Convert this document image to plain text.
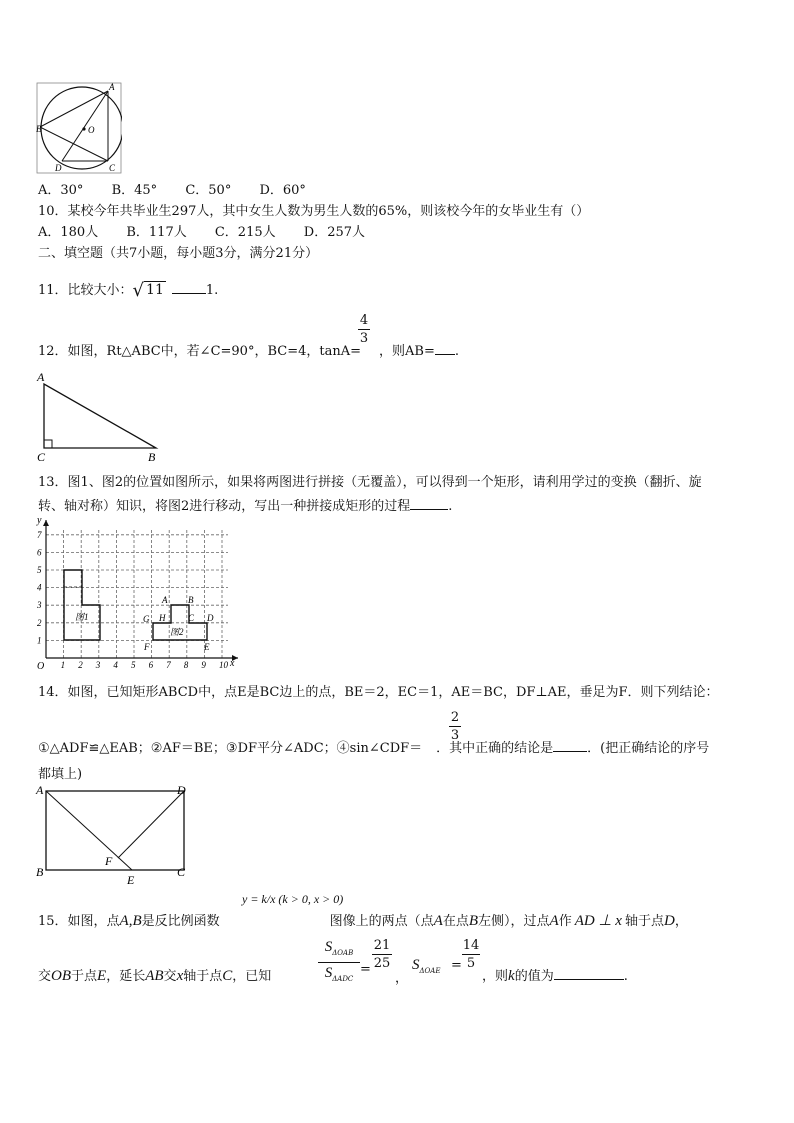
A
B	O
D	C
A．30° B．45° C．50° D．60°
10．某校今年共毕业生297人，其中女生人数为男生人数的65%，则该校今年的女毕业生有（）
A．180人 B．117人 C．215人 D．257人
二、填空题（共7小题，每小题3分，满分21分）
11．比较大小：√ 11	1.
12．如图，Rt△ABC中，若∠C=90°，BC=4，tanA= ，则AB= .
4
3
A
C	B
13．图1、图2的位置如图所示，如果将两图进行拼接（无覆盖），可以得到一个矩形，请利用学过的变换（翻折、旋
转、轴对称）知识，将图2进行移动，写出一种拼接成矩形的过程	.
1 2 3 4 5 6 7 8 9 10
1
2
3
4
5
6
7
y
x
O
图1
图2
A B
G H	C D
F	E
14．如图，已知矩形ABCD中，点E是BC边上的点，BE＝2，EC＝1，AE＝BC，DF⊥AE，垂足为F．则下列结论：
①△ADF≌△EAB；②AF＝BE；③DF平分∠ADC；④sin∠CDF＝ ．其中正确的结论是	．(把正确结论的序号
2
3
都填上)
A	D
B
F
E
C
15．如图，点A,B是反比例函数	图像上的两点（点A在点B左侧），过点A作 AD ⊥ x 轴于点D，
y = k/x (k > 0, x > 0)
交OB于点E，延长AB交x轴于点C，已知
$S_{\Delta OAB}$
$S_{\Delta ADC}$
=
21
25
，
$S_{\Delta OAE}$ =
14
5
，则k的值为	.
